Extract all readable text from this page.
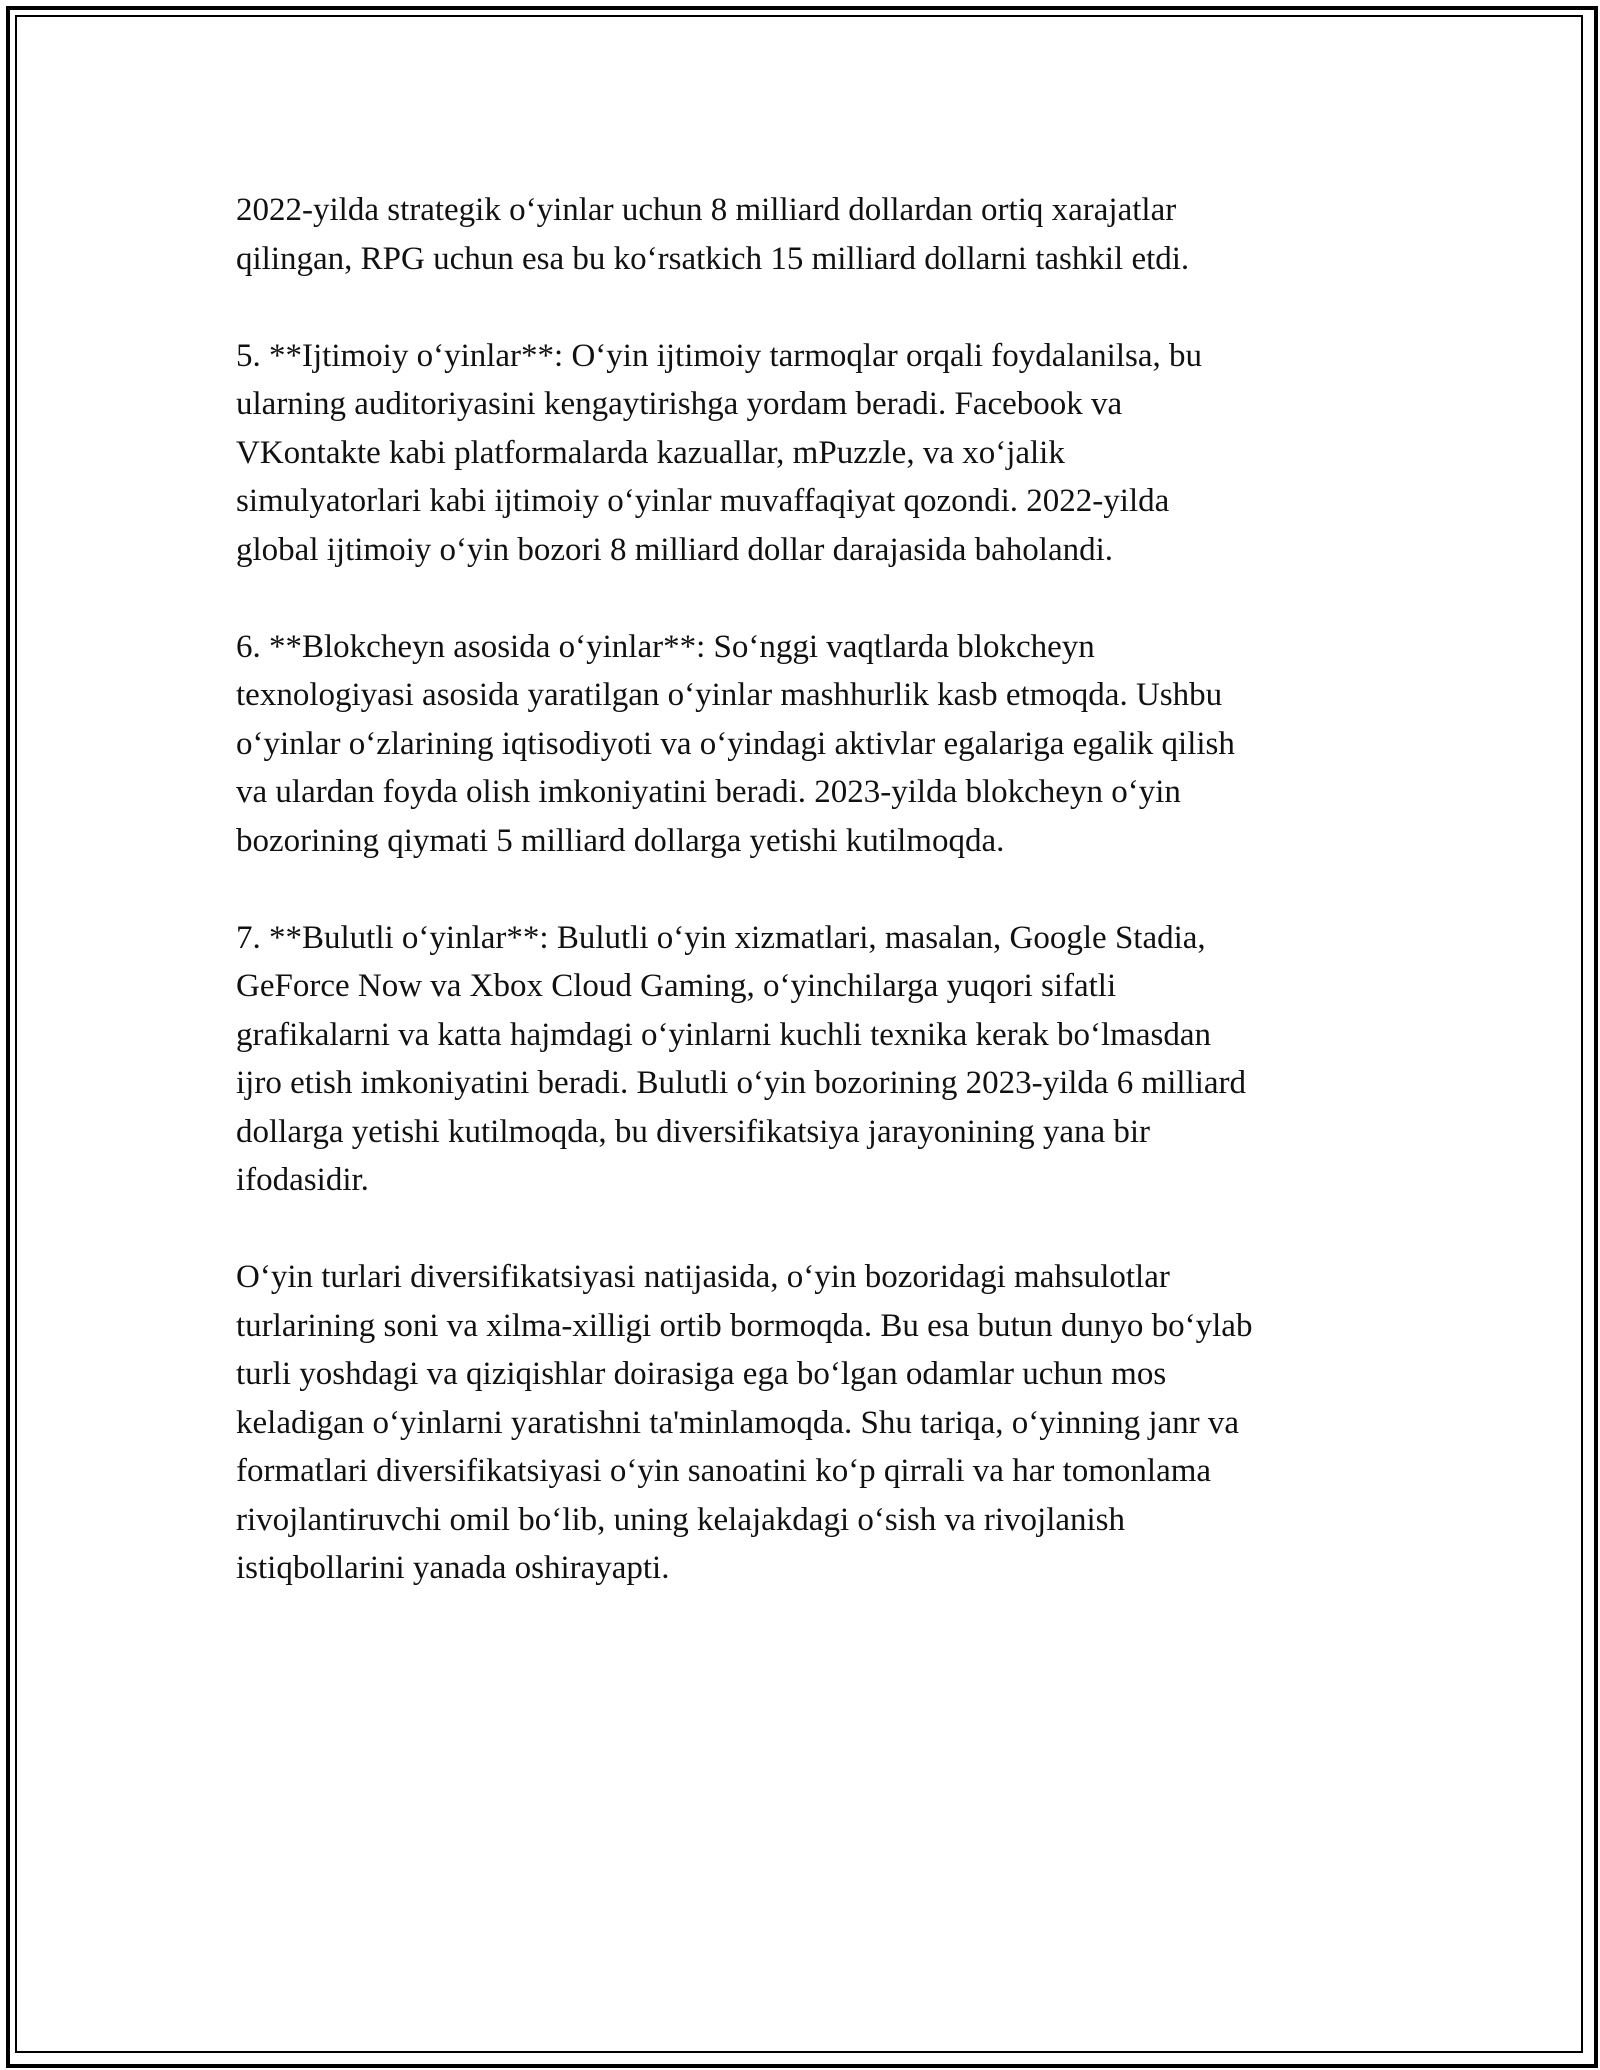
2022-yilda strategik o‘yinlar uchun 8 milliard dollardan ortiq xarajatlar
qilingan, RPG uchun esa bu ko‘rsatkich 15 milliard dollarni tashkil etdi.

5. **Ijtimoiy o‘yinlar**: O‘yin ijtimoiy tarmoqlar orqali foydalanilsa, bu
ularning auditoriyasini kengaytirishga yordam beradi. Facebook va
VKontakte kabi platformalarda kazuallar, mPuzzle, va xo‘jalik
simulyatorlari kabi ijtimoiy o‘yinlar muvaffaqiyat qozondi. 2022-yilda
global ijtimoiy o‘yin bozori 8 milliard dollar darajasida baholandi.

6. **Blokcheyn asosida o‘yinlar**: So‘nggi vaqtlarda blokcheyn
texnologiyasi asosida yaratilgan o‘yinlar mashhurlik kasb etmoqda. Ushbu
o‘yinlar o‘zlarining iqtisodiyoti va o‘yindagi aktivlar egalariga egalik qilish
va ulardan foyda olish imkoniyatini beradi. 2023-yilda blokcheyn o‘yin
bozorining qiymati 5 milliard dollarga yetishi kutilmoqda.

7. **Bulutli o‘yinlar**: Bulutli o‘yin xizmatlari, masalan, Google Stadia,
GeForce Now va Xbox Cloud Gaming, o‘yinchilarga yuqori sifatli
grafikalarni va katta hajmdagi o‘yinlarni kuchli texnika kerak bo‘lmasdan
ijro etish imkoniyatini beradi. Bulutli o‘yin bozorining 2023-yilda 6 milliard
dollarga yetishi kutilmoqda, bu diversifikatsiya jarayonining yana bir
ifodasidir.

O‘yin turlari diversifikatsiyasi natijasida, o‘yin bozoridagi mahsulotlar
turlarining soni va xilma-xilligi ortib bormoqda. Bu esa butun dunyo bo‘ylab
turli yoshdagi va qiziqishlar doirasiga ega bo‘lgan odamlar uchun mos
keladigan o‘yinlarni yaratishni ta'minlamoqda. Shu tariqa, o‘yinning janr va
formatlari diversifikatsiyasi o‘yin sanoatini ko‘p qirrali va har tomonlama
rivojlantiruvchi omil bo‘lib, uning kelajakdagi o‘sish va rivojlanish
istiqbollarini yanada oshirayapti.
